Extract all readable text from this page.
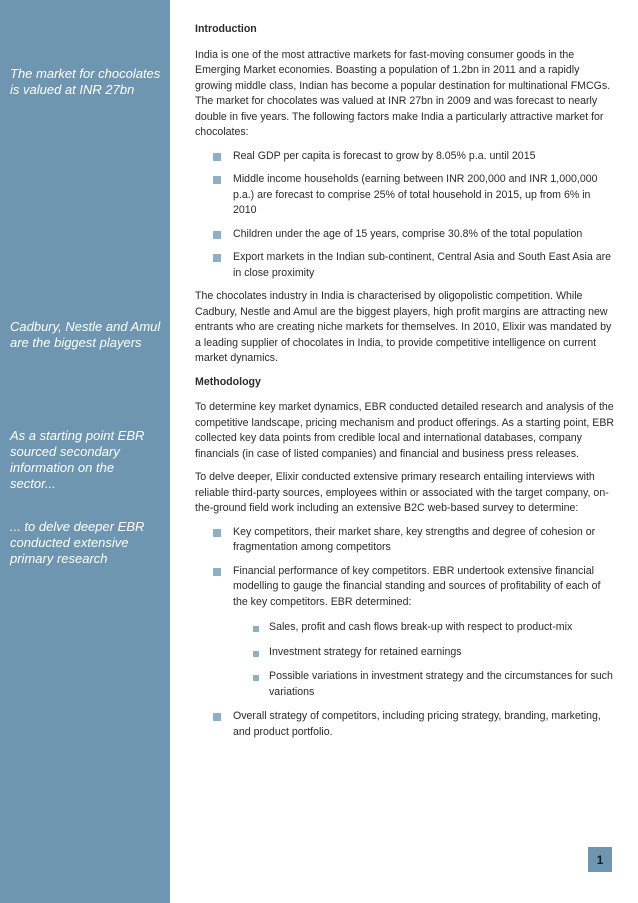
The market for chocolates is valued at INR 27bn
Cadbury, Nestle and Amul are the biggest players
As a starting point EBR sourced secondary information on the sector...
... to delve deeper EBR conducted extensive primary research
Introduction

India is one of the most attractive markets for fast-moving consumer goods in the Emerging Market economies. Boasting a population of 1.2bn in 2011 and a rapidly growing middle class, Indian has become a popular destination for multinational FMCGs. The market for chocolates was valued at INR 27bn in 2009 and was forecast to nearly double in five years. The following factors make India a particularly attractive market for chocolates:

Real GDP per capita is forecast to grow by 8.05% p.a. until 2015
Middle income households (earning between INR 200,000 and INR 1,000,000 p.a.) are forecast to comprise 25% of total household in 2015, up from 6% in 2010
Children under the age of 15 years, comprise 30.8% of the total population
Export markets in the Indian sub-continent, Central Asia and South East Asia are in close proximity

The chocolates industry in India is characterised by oligopolistic competition. While Cadbury, Nestle and Amul are the biggest players, high profit margins are attracting new entrants who are creating niche markets for themselves. In 2010, Elixir was mandated by a leading supplier of chocolates in India, to provide competitive intelligence on current market dynamics.

Methodology

To determine key market dynamics, EBR conducted detailed research and analysis of the competitive landscape, pricing mechanism and product offerings. As a starting point, EBR collected key data points from credible local and international databases, company financials (in case of listed companies) and financial and business press releases.

To delve deeper, Elixir conducted extensive primary research entailing interviews with reliable third-party sources, employees within or associated with the target company, on-the-ground field work including an extensive B2C web-based survey to determine:

Key competitors, their market share, key strengths and degree of cohesion or fragmentation among competitors
Financial performance of key competitors. EBR undertook extensive financial modelling to gauge the financial standing and sources of profitability of each of the key competitors. EBR determined:
Sales, profit and cash flows break-up with respect to product-mix
Investment strategy for retained earnings
Possible variations in investment strategy and the circumstances for such variations
Overall strategy of competitors, including pricing strategy, branding, marketing, and product portfolio.
1
